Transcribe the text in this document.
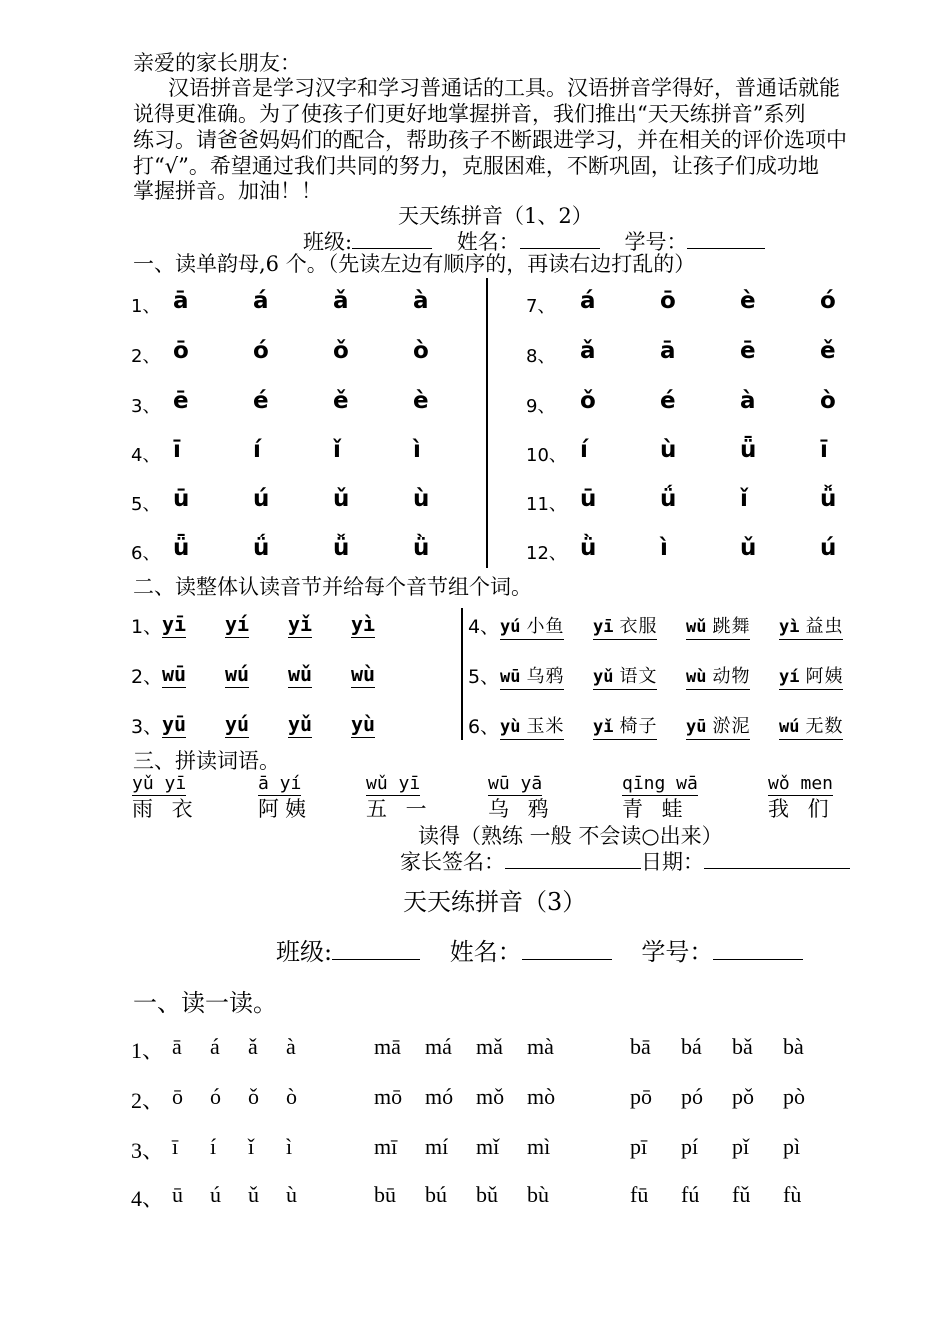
亲爱的家长朋友：
汉语拼音是学习汉字和学习普通话的工具。汉语拼音学得好，普通话就能
说得更准确。为了使孩子们更好地掌握拼音，我们推出“天天练拼音”系列
练习。请爸爸妈妈们的配合，帮助孩子不断跟进学习，并在相关的评价选项中
打“√”。希望通过我们共同的努力，克服困难，不断巩固，让孩子们成功地
掌握拼音。加油！！
天天练拼音（1、2）
班级:	姓名：	学号：
一、读单韵母,6 个。（先读左边有顺序的，再读右边打乱的）
1、 ā	á	ǎ	à
2、 ō	ó	ǒ	ò
3、 ē	é	ě	è
4、 ī	í	ǐ	ì
5、 ū	ú	ǔ	ù
6、 ǖ	ǘ	ǚ	ǜ
7、 á	ō	è	ó
8、 ǎ	ā	ē	ě
9、 ǒ	é	à	ò
10、 í	ù	ǖ	ī
11、 ū	ǘ	ǐ	ǚ
12、 ǜ	ì	ǔ	ú
二、读整体认读音节并给每个音节组个词。
1、 yī yí yǐ yì
2、 wū wú wǔ wù
3、 yū yú yǔ yù
4、 yú 小鱼 yī 衣服 wǔ 跳舞 yì 益虫
5、 wū 乌鸦 yǔ 语文 wù 动物 yí 阿姨
6、 yù 玉米 yǐ 椅子 yū 淤泥 wú 无数
三、拼读词语。
yǔ yī
雨 衣
ā yí
阿姨
wǔ yī
五 一
wū yā
乌 鸦
qīng wā
青 蛙
wǒ men
我 们
读得（熟练 一般 不会读○出来）
家长签名：	日期：
天天练拼音（3）
班级:	姓名：	学号：
一、读一读。
1、 ā á ǎ à	mā má mǎ mà	bā bá bǎ bà
2、 ō ó ǒ ò	mō mó mǒ mò	pō pó pǒ pò
3、 ī í ǐ ì	mī mí mǐ mì	pī pí pǐ pì
4、 ū ú ǔ ù	bū bú bǔ bù	fū fú fǔ fù
